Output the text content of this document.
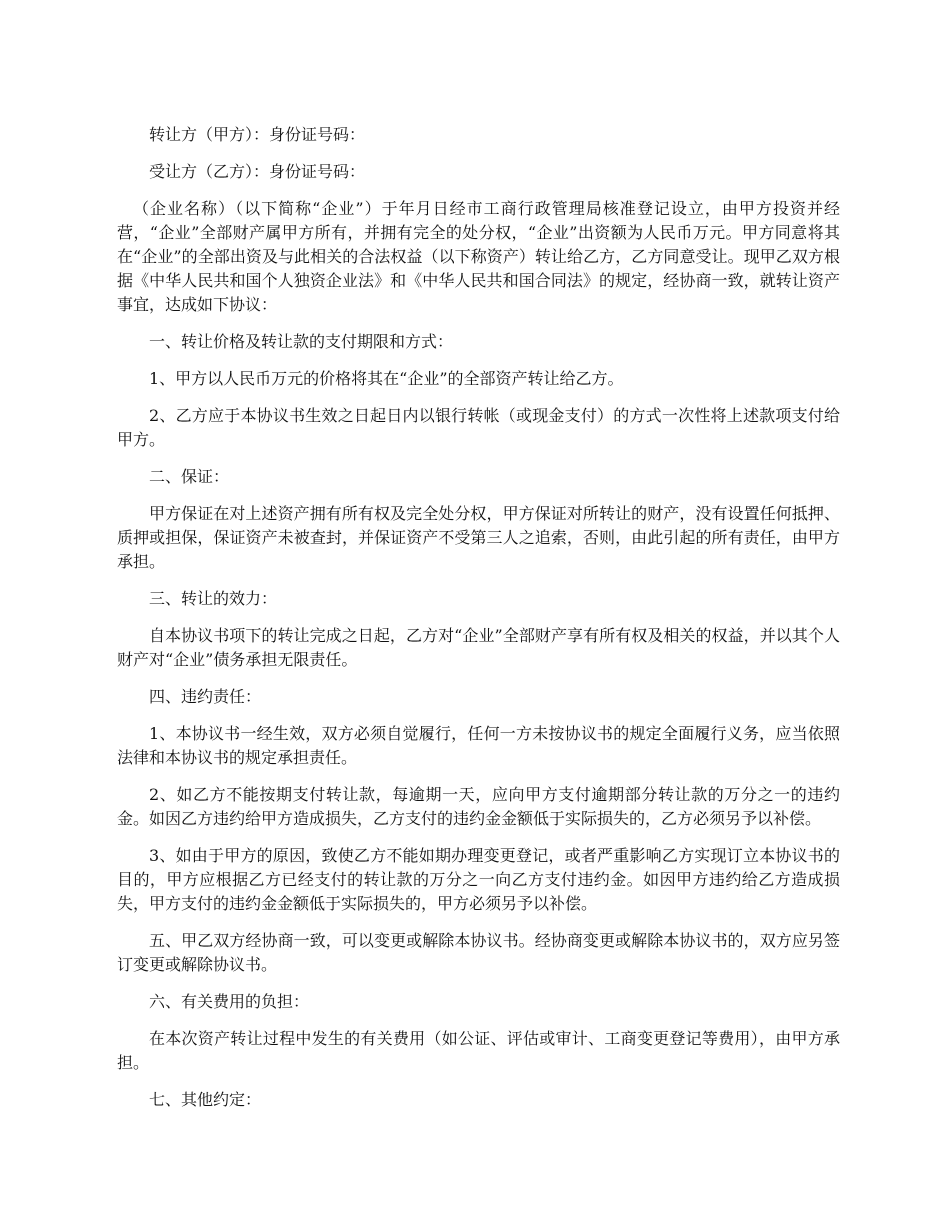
转让方（甲方）：身份证号码：

受让方（乙方）：身份证号码：

（企业名称）（以下简称“企业”）于年月日经市工商行政管理局核准登记设立，由甲方投资并经营，“企业”全部财产属甲方所有，并拥有完全的处分权，“企业”出资额为人民币万元。甲方同意将其在“企业”的全部出资及与此相关的合法权益（以下称资产）转让给乙方，乙方同意受让。现甲乙双方根据《中华人民共和国个人独资企业法》和《中华人民共和国合同法》的规定，经协商一致，就转让资产事宜，达成如下协议：

一、转让价格及转让款的支付期限和方式：

1、甲方以人民币万元的价格将其在“企业”的全部资产转让给乙方。

2、乙方应于本协议书生效之日起日内以银行转帐（或现金支付）的方式一次性将上述款项支付给甲方。

二、保证：

甲方保证在对上述资产拥有所有权及完全处分权，甲方保证对所转让的财产，没有设置任何抵押、质押或担保，保证资产未被查封，并保证资产不受第三人之追索，否则，由此引起的所有责任，由甲方承担。

三、转让的效力：

自本协议书项下的转让完成之日起，乙方对“企业”全部财产享有所有权及相关的权益，并以其个人财产对“企业”债务承担无限责任。

四、违约责任：

1、本协议书一经生效，双方必须自觉履行，任何一方未按协议书的规定全面履行义务，应当依照法律和本协议书的规定承担责任。

2、如乙方不能按期支付转让款，每逾期一天，应向甲方支付逾期部分转让款的万分之一的违约金。如因乙方违约给甲方造成损失，乙方支付的违约金金额低于实际损失的，乙方必须另予以补偿。

3、如由于甲方的原因，致使乙方不能如期办理变更登记，或者严重影响乙方实现订立本协议书的目的，甲方应根据乙方已经支付的转让款的万分之一向乙方支付违约金。如因甲方违约给乙方造成损失，甲方支付的违约金金额低于实际损失的，甲方必须另予以补偿。

五、甲乙双方经协商一致，可以变更或解除本协议书。经协商变更或解除本协议书的，双方应另签订变更或解除协议书。

六、有关费用的负担：

在本次资产转让过程中发生的有关费用（如公证、评估或审计、工商变更登记等费用），由甲方承担。

七、其他约定：
